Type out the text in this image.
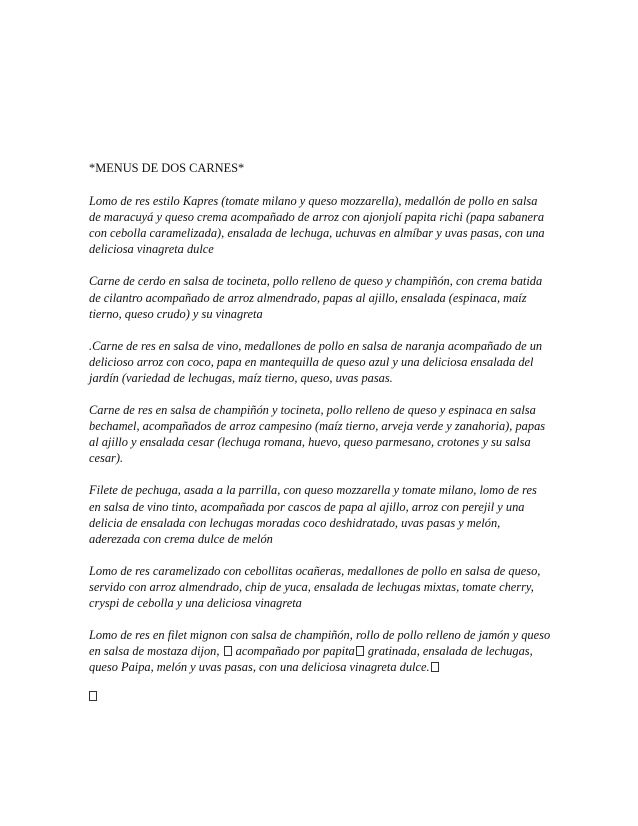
*MENUS DE DOS CARNES*

Lomo de res estilo Kapres (tomate milano y queso mozzarella), medallón de pollo en salsa de maracuyá y queso crema acompañado de arroz con ajonjolí papita richi (papa sabanera con cebolla caramelizada), ensalada de lechuga, uchuvas en almíbar y uvas pasas, con una deliciosa vinagreta dulce

Carne de cerdo en salsa de tocineta, pollo relleno de queso y champiñón, con crema batida de cilantro acompañado de arroz almendrado, papas al ajillo, ensalada (espinaca, maíz tierno, queso crudo) y su vinagreta

.Carne de res en salsa de vino, medallones de pollo en salsa de naranja acompañado de un delicioso arroz con coco, papa en mantequilla de queso azul y una deliciosa ensalada del jardín (variedad de lechugas, maíz tierno, queso, uvas pasas.

Carne de res en salsa de champiñón y tocineta, pollo relleno de queso y espinaca en salsa bechamel, acompañados de arroz campesino (maíz tierno, arveja verde y zanahoria), papas al ajillo y ensalada cesar (lechuga romana, huevo, queso parmesano, crotones y su salsa cesar).

Filete de pechuga, asada a la parrilla, con queso mozzarella y tomate milano, lomo de res en salsa de vino tinto, acompañada por cascos de papa al ajillo, arroz con perejil y una delicia de ensalada con lechugas moradas coco deshidratado, uvas pasas y melón, aderezada con crema dulce de melón

Lomo de res caramelizado con cebollitas ocañeras, medallones de pollo en salsa de queso, servido con arroz almendrado, chip de yuca, ensalada de lechugas mixtas, tomate cherry, cryspi de cebolla y una deliciosa vinagreta

Lomo de res en filet mignon con salsa de champiñón, rollo de pollo relleno de jamón y queso en salsa de mostaza dijon,  acompañado por papita gratinada, ensalada de lechugas, queso Paipa, melón y uvas pasas, con una deliciosa vinagreta dulce.
